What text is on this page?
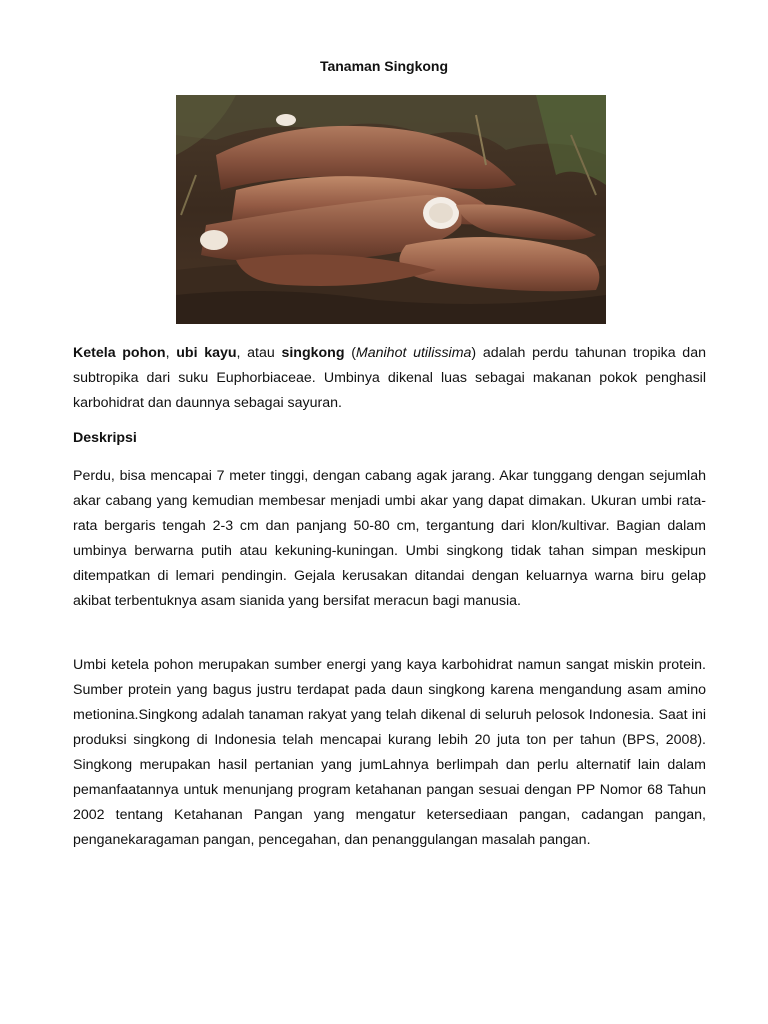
Tanaman Singkong

Ketela pohon, ubi kayu, atau singkong (Manihot utilissima) adalah perdu tahunan tropika dan subtropika dari suku Euphorbiaceae. Umbinya dikenal luas sebagai makanan pokok penghasil karbohidrat dan daunnya sebagai sayuran.

Deskripsi

Perdu, bisa mencapai 7 meter tinggi, dengan cabang agak jarang. Akar tunggang dengan sejumlah akar cabang yang kemudian membesar menjadi umbi akar yang dapat dimakan. Ukuran umbi rata-rata bergaris tengah 2-3 cm dan panjang 50-80 cm, tergantung dari klon/kultivar. Bagian dalam umbinya berwarna putih atau kekuning-kuningan. Umbi singkong tidak tahan simpan meskipun ditempatkan di lemari pendingin. Gejala kerusakan ditandai dengan keluarnya warna biru gelap akibat terbentuknya asam sianida yang bersifat meracun bagi manusia.

Umbi ketela pohon merupakan sumber energi yang kaya karbohidrat namun sangat miskin protein. Sumber protein yang bagus justru terdapat pada daun singkong karena mengandung asam amino metionina.Singkong adalah tanaman rakyat yang telah dikenal di seluruh pelosok Indonesia. Saat ini produksi singkong di Indonesia telah mencapai kurang lebih 20 juta ton per tahun (BPS, 2008). Singkong merupakan hasil pertanian yang jumLahnya berlimpah dan perlu alternatif lain dalam pemanfaatannya untuk menunjang program ketahanan pangan sesuai dengan PP Nomor 68 Tahun 2002 tentang Ketahanan Pangan yang mengatur ketersediaan pangan, cadangan pangan, penganekaragaman pangan, pencegahan, dan penanggulangan masalah pangan.
